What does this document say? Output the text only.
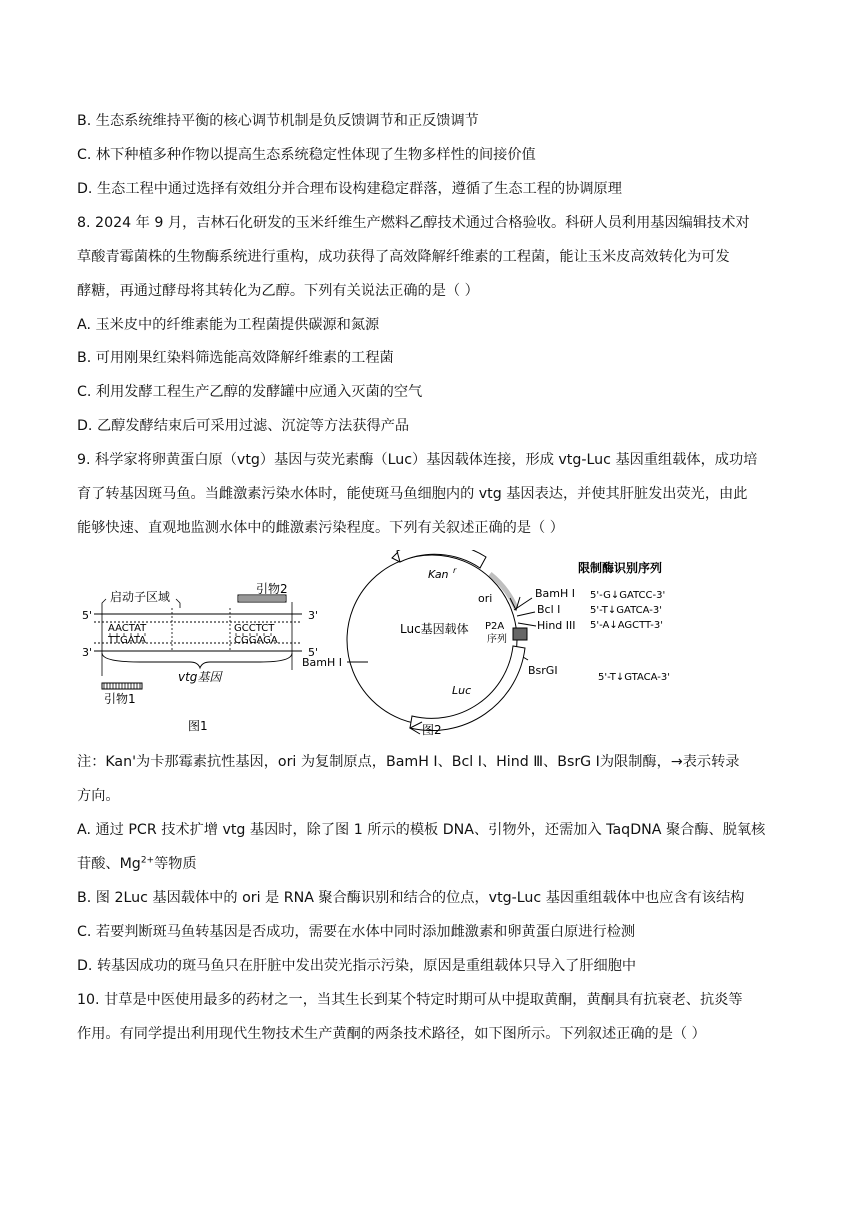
B. 生态系统维持平衡的核心调节机制是负反馈调节和正反馈调节
C. 林下种植多种作物以提高生态系统稳定性体现了生物多样性的间接价值
D. 生态工程中通过选择有效组分并合理布设构建稳定群落，遵循了生态工程的协调原理
8. 2024 年 9 月，吉林石化研发的玉米纤维生产燃料乙醇技术通过合格验收。科研人员利用基因编辑技术对
草酸青霉菌株的生物酶系统进行重构，成功获得了高效降解纤维素的工程菌，能让玉米皮高效转化为可发
酵糖，再通过酵母将其转化为乙醇。下列有关说法正确的是（ ）
A. 玉米皮中的纤维素能为工程菌提供碳源和氮源
B. 可用刚果红染料筛选能高效降解纤维素的工程菌
C. 利用发酵工程生产乙醇的发酵罐中应通入灭菌的空气
D. 乙醇发酵结束后可采用过滤、沉淀等方法获得产品
9. 科学家将卵黄蛋白原（vtg）基因与荧光素酶（Luc）基因载体连接，形成 vtg-Luc 基因重组载体，成功培
育了转基因斑马鱼。当雌激素污染水体时，能使斑马鱼细胞内的 vtg 基因表达，并使其肝脏发出荧光，由此
能够快速、直观地监测水体中的雌激素污染程度。下列有关叙述正确的是（ ）
引物2
启动子区域
5'	3'
3'	5'
AACTAT
TTGATA
GCCTCT
CGGAGA
vtg基因
引物1
图1
Kan r
ori
Luc基因载体
BamH I
Bcl I
Hind III
P2A
序列
BsrGI
Luc
BamH I
图2
限制酶识别序列
5'-G↓GATCC-3'
5'-T↓GATCA-3'
5'-A↓AGCTT-3'
5'-T↓GTACA-3'
注：Kan'为卡那霉素抗性基因，ori 为复制原点，BamH Ⅰ、Bcl Ⅰ、Hind Ⅲ、BsrG Ⅰ为限制酶，→表示转录
方向。
A. 通过 PCR 技术扩增 vtg 基因时，除了图 1 所示的模板 DNA、引物外，还需加入 TaqDNA 聚合酶、脱氧核
苷酸、$Mg^{2+}$等物质
B. 图 2Luc 基因载体中的 ori 是 RNA 聚合酶识别和结合的位点，vtg-Luc 基因重组载体中也应含有该结构
C. 若要判断斑马鱼转基因是否成功，需要在水体中同时添加雌激素和卵黄蛋白原进行检测
D. 转基因成功的斑马鱼只在肝脏中发出荧光指示污染，原因是重组载体只导入了肝细胞中
10. 甘草是中医使用最多的药材之一，当其生长到某个特定时期可从中提取黄酮，黄酮具有抗衰老、抗炎等
作用。有同学提出利用现代生物技术生产黄酮的两条技术路径，如下图所示。下列叙述正确的是（ ）
